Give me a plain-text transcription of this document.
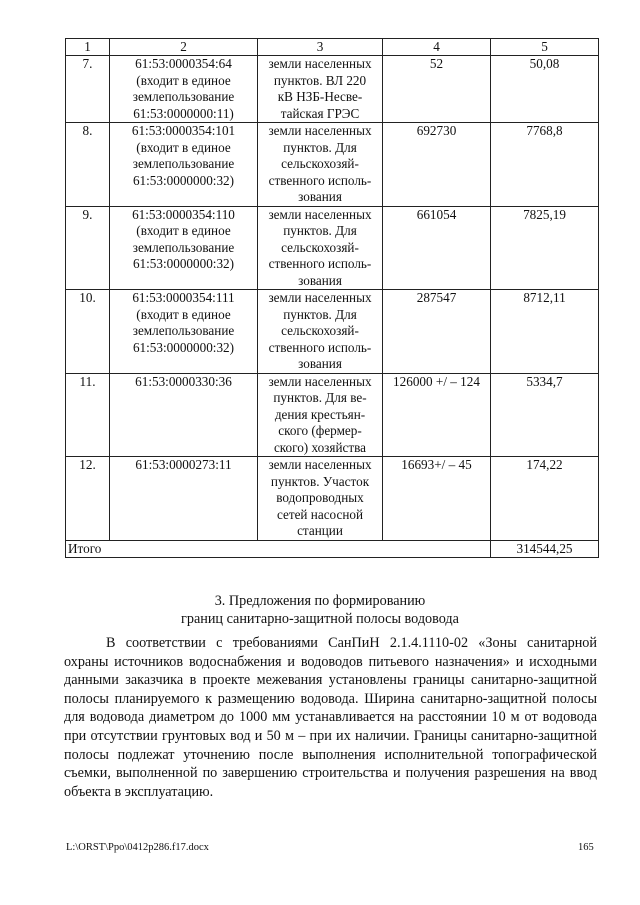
1	2	3	4	5
7.	61:53:0000354:64
(входит в единое
землепользование
61:53:0000000:11)	земли населенных
пунктов. ВЛ 220
кВ НЗБ-Несве-
тайская ГРЭС	52	50,08
8.	61:53:0000354:101
(входит в единое
землепользование
61:53:0000000:32)	земли населенных
пунктов. Для
сельскохозяй-
ственного исполь-
зования	692730	7768,8
9.	61:53:0000354:110
(входит в единое
землепользование
61:53:0000000:32)	земли населенных
пунктов. Для
сельскохозяй-
ственного исполь-
зования	661054	7825,19
10.	61:53:0000354:111
(входит в единое
землепользование
61:53:0000000:32)	земли населенных
пунктов. Для
сельскохозяй-
ственного исполь-
зования	287547	8712,11
11.	61:53:0000330:36	земли населенных
пунктов. Для ве-
дения крестьян-
ского (фермер-
ского) хозяйства	126000 +/ – 124	5334,7
12.	61:53:0000273:11	земли населенных
пунктов. Участок
водопроводных
сетей насосной
станции	16693+/ – 45	174,22
Итого				314544,25
3. Предложения по формированию
границ санитарно-защитной полосы водовода

В соответствии с требованиями СанПиН 2.1.4.1110-02 «Зоны санитарной охраны источников водоснабжения и водоводов питьевого назначения» и исходными данными заказчика в проекте межевания установлены границы санитарно-защитной полосы планируемого к размещению водовода. Ширина санитарно-защитной полосы для водовода диаметром до 1000 мм устанавливается на расстоянии 10 м от водовода при отсутствии грунтовых вод и 50 м – при их наличии. Границы санитарно-защитной полосы подлежат уточнению после выполнения исполнительной топографической съемки, выполненной по завершению строительства и получения разрешения на ввод объекта в эксплуатацию.

L:\ORST\Ppo\0412p286.f17.docx	165
